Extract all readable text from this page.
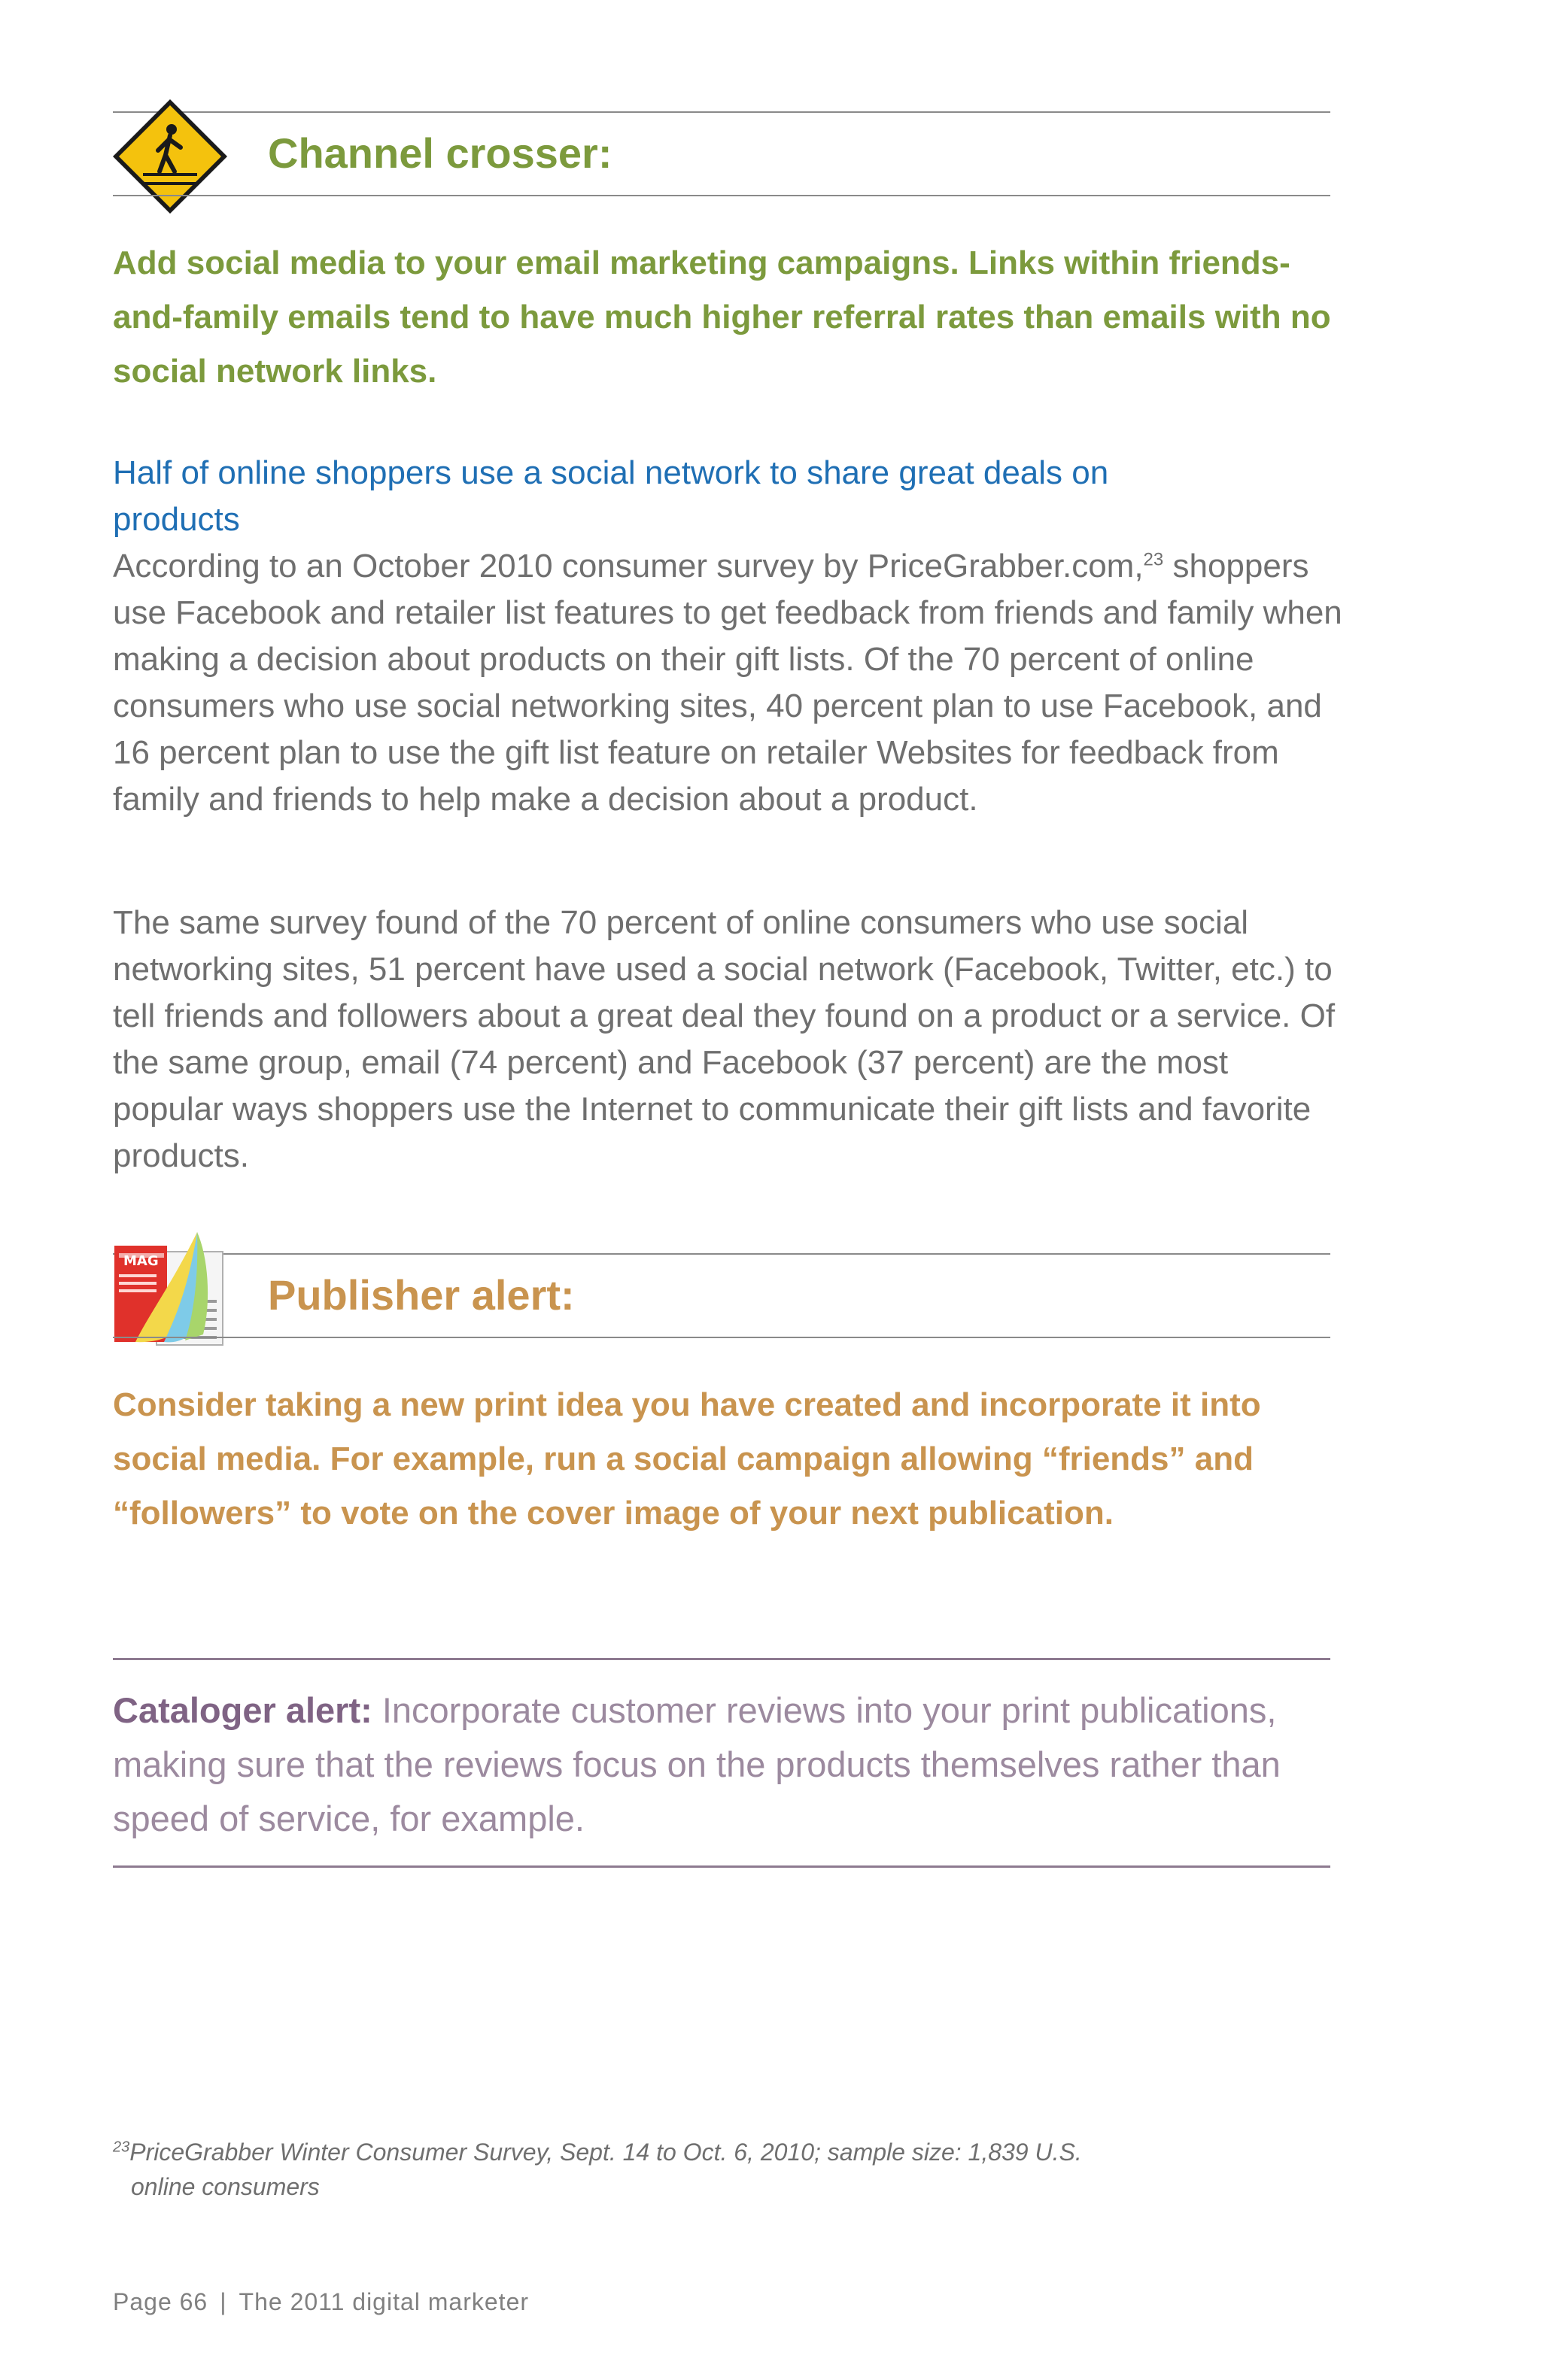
Channel crosser:
Add social media to your email marketing campaigns. Links within friends-and-family emails tend to have much higher referral rates than emails with no social network links.
Half of online shoppers use a social network to share great deals on products
According to an October 2010 consumer survey by PriceGrabber.com,$^{23}$ shoppers use Facebook and retailer list features to get feedback from friends and family when making a decision about products on their gift lists. Of the 70 percent of online consumers who use social networking sites, 40 percent plan to use Facebook, and 16 percent plan to use the gift list feature on retailer Websites for feedback from family and friends to help make a decision about a product.
The same survey found of the 70 percent of online consumers who use social networking sites, 51 percent have used a social network (Facebook, Twitter, etc.) to tell friends and followers about a great deal they found on a product or a service. Of the same group, email (74 percent) and Facebook (37 percent) are the most popular ways shoppers use the Internet to communicate their gift lists and favorite products.
MAG
Publisher alert:
Consider taking a new print idea you have created and incorporate it into social media. For example, run a social campaign allowing “friends” and “followers” to vote on the cover image of your next publication.
Cataloger alert: Incorporate customer reviews into your print publications, making sure that the reviews focus on the products themselves rather than speed of service, for example.
$^{23}$PriceGrabber Winter Consumer Survey, Sept. 14 to Oct. 6, 2010; sample size: 1,839 U.S.
online consumers
Page 66 | The 2011 digital marketer
